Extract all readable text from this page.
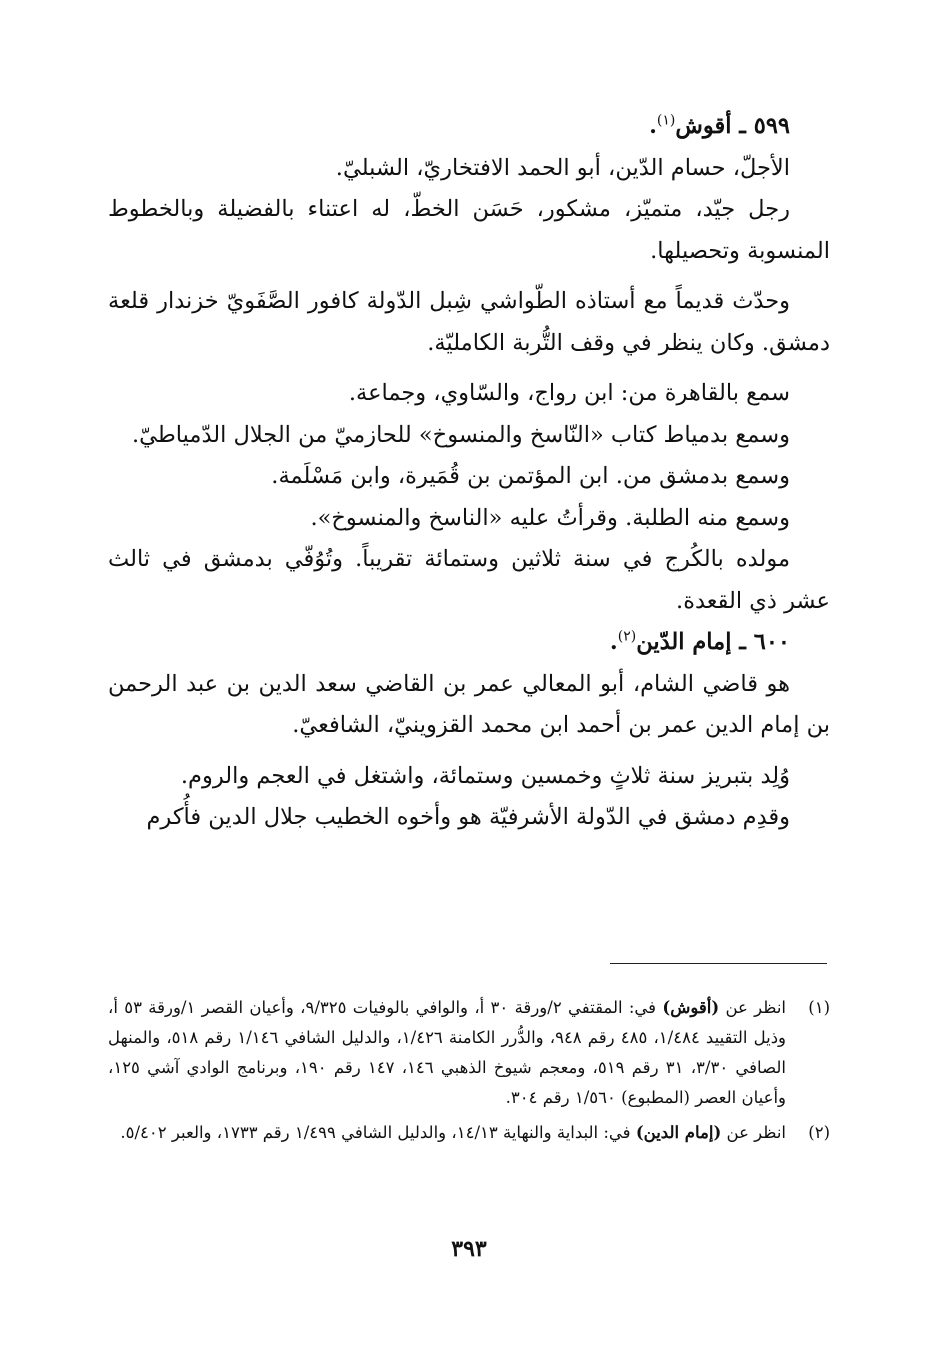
٥٩٩ ـ أقوش$^{(١)}$.

الأجلّ، حسام الدّين، أبو الحمد الافتخاريّ، الشبليّ.

رجل جيّد، متميّز، مشكور، حَسَن الخطّ، له اعتناء بالفضيلة وبالخطوط المنسوبة وتحصيلها.

وحدّث قديماً مع أستاذه الطّواشي شِبل الدّولة كافور الصَّفَويّ خزندار قلعة دمشق. وكان ينظر في وقف التُّربة الكامليّة.

سمع بالقاهرة من: ابن رواج، والسّاوي، وجماعة.

وسمع بدمياط كتاب «النّاسخ والمنسوخ» للحازميّ من الجلال الدّمياطيّ.

وسمع بدمشق من. ابن المؤتمن بن قُمَيرة، وابن مَسْلَمة.

وسمع منه الطلبة. وقرأتُ عليه «الناسخ والمنسوخ».

مولده بالكُرج في سنة ثلاثين وستمائة تقريباً. وتُوُفّي بدمشق في ثالث عشر ذي القعدة.

٦٠٠ ـ إمام الدّين$^{(٢)}$.

هو قاضي الشام، أبو المعالي عمر بن القاضي سعد الدين بن عبد الرحمن بن إمام الدين عمر بن أحمد ابن محمد القزوينيّ، الشافعيّ.

وُلِد بتبريز سنة ثلاثٍ وخمسين وستمائة، واشتغل في العجم والروم.

وقدِم دمشق في الدّولة الأشرفيّة هو وأخوه الخطيب جلال الدين فأُكرم

(١)
انظر عن (أقوش) في: المقتفي ٢/ورقة ٣٠ أ، والوافي بالوفيات ٩/٣٢٥، وأعيان القصر ١/ورقة ٥٣ أ، وذيل التقييد ١/٤٨٤، ٤٨٥ رقم ٩٤٨، والدُّرر الكامنة ١/٤٢٦، والدليل الشافي ١/١٤٦ رقم ٥١٨، والمنهل الصافي ٣/٣٠، ٣١ رقم ٥١٩، ومعجم شيوخ الذهبي ١٤٦، ١٤٧ رقم ١٩٠، وبرنامج الوادي آشي ١٢٥، وأعيان العصر (المطبوع) ١/٥٦٠ رقم ٣٠٤.
(٢)
انظر عن (إمام الدين) في: البداية والنهاية ١٤/١٣، والدليل الشافي ١/٤٩٩ رقم ١٧٣٣، والعبر ٥/٤٠٢.
٣٩٣
